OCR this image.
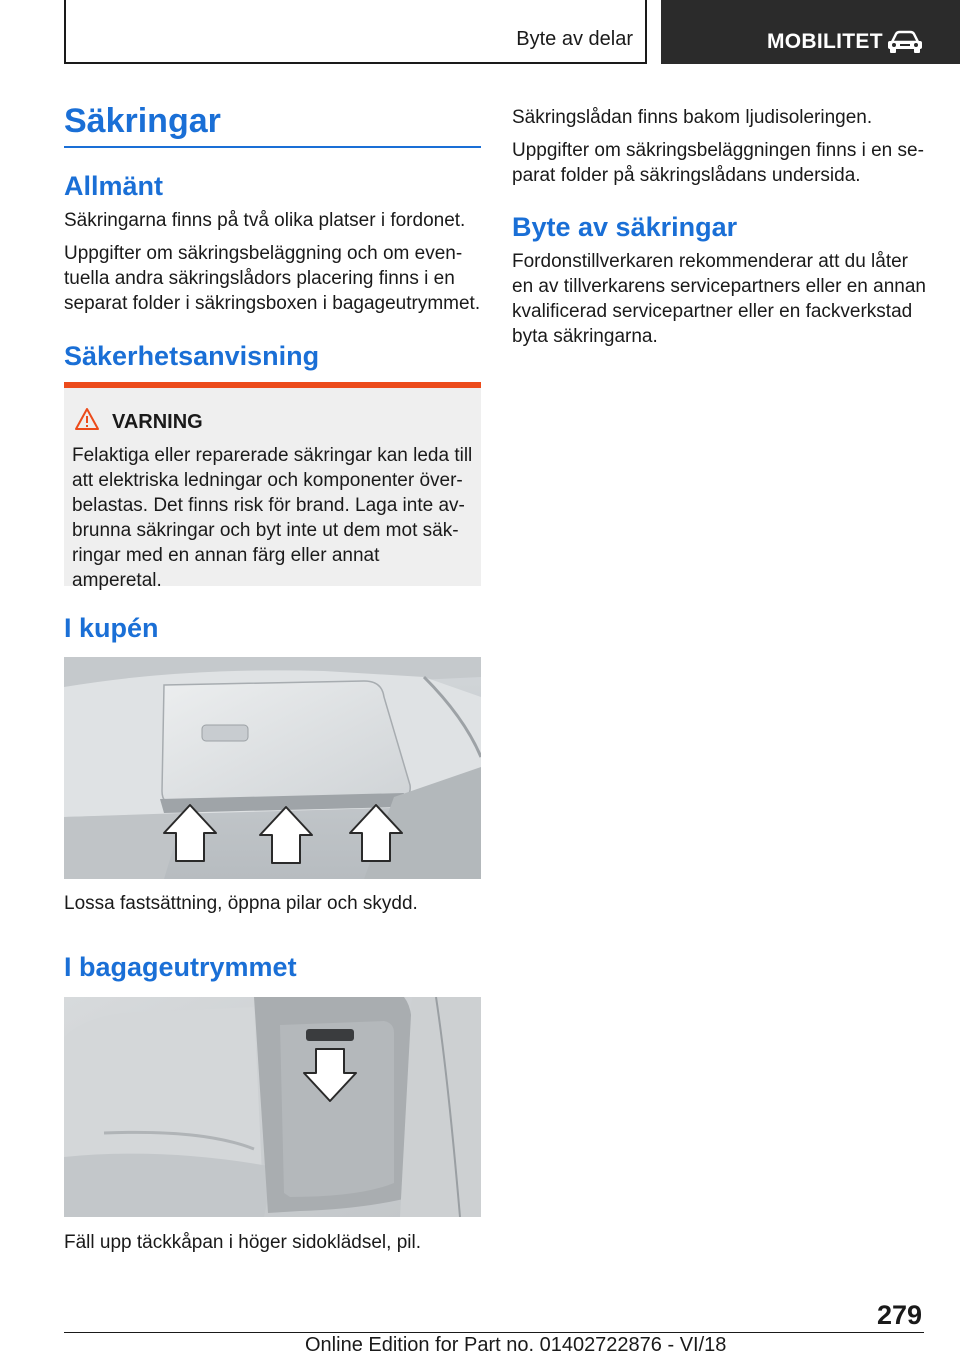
Byte av delar	MOBILITET
Säkringar
Allmänt
Säkringarna finns på två olika platser i fordonet.
Uppgifter om säkringsbeläggning och om even-
tuella andra säkringslådors placering finns i en
separat folder i säkringsboxen i bagageutrymmet.
Säkerhetsanvisning
VARNING
Felaktiga eller reparerade säkringar kan leda till
att elektriska ledningar och komponenter över-
belastas. Det finns risk för brand. Laga inte av-
brunna säkringar och byt inte ut dem mot säk-
ringar med en annan färg eller annat amperetal.
I kupén
Lossa fastsättning, öppna pilar och skydd.
I bagageutrymmet
Fäll upp täckkåpan i höger sidoklädsel, pil.
Säkringslådan finns bakom ljudisoleringen.
Uppgifter om säkringsbeläggningen finns i en se-
parat folder på säkringslådans undersida.
Byte av säkringar
Fordonstillverkaren rekommenderar att du låter
en av tillverkarens servicepartners eller en annan
kvalificerad servicepartner eller en fackverkstad
byta säkringarna.
279
Online Edition for Part no. 01402722876 - VI/18
